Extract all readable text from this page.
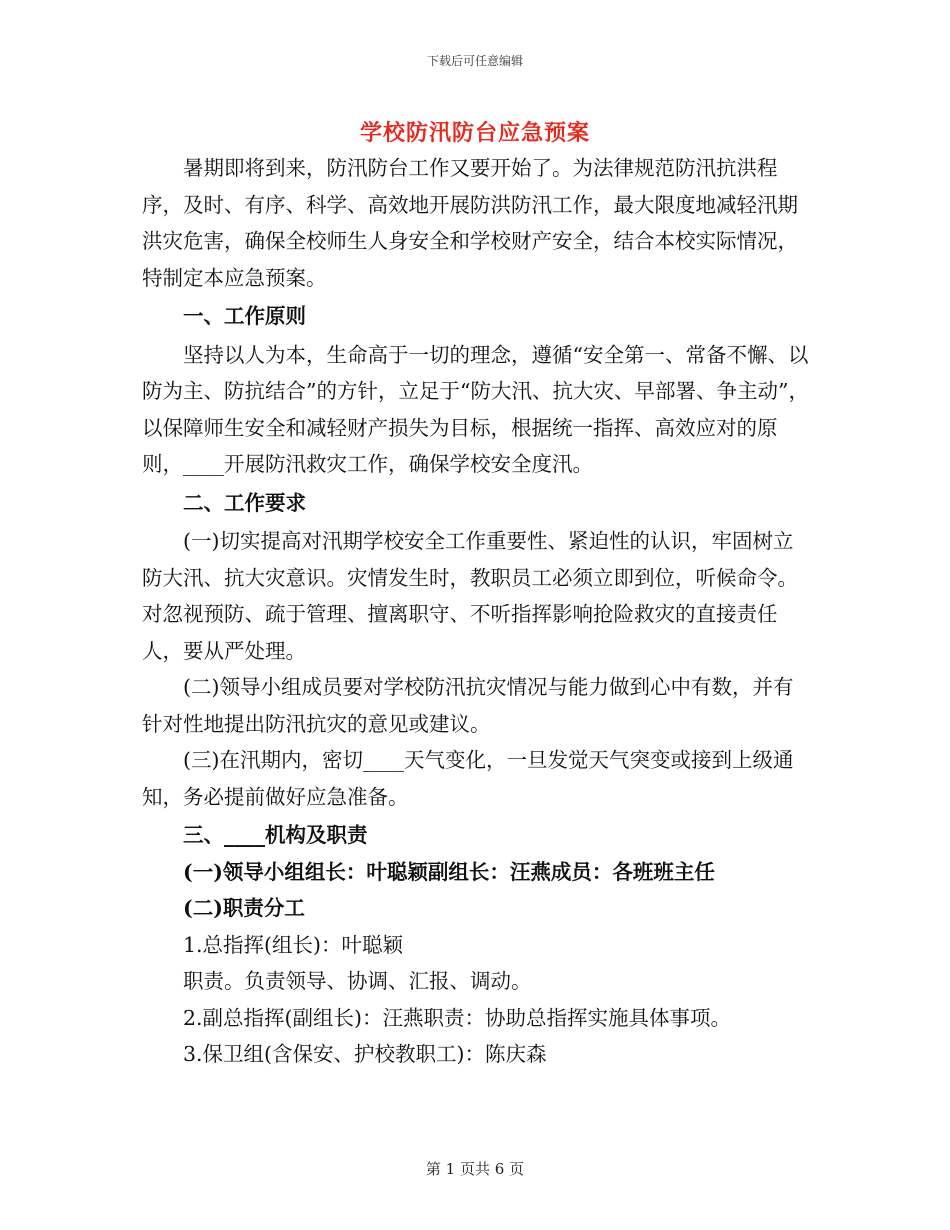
下载后可任意编辑
学校防汛防台应急预案

暑期即将到来，防汛防台工作又要开始了。为法律规范防汛抗洪程序，及时、有序、科学、高效地开展防洪防汛工作，最大限度地减轻汛期洪灾危害，确保全校师生人身安全和学校财产安全，结合本校实际情况，特制定本应急预案。

一、工作原则

坚持以人为本，生命高于一切的理念，遵循“安全第一、常备不懈、以防为主、防抗结合”的方针，立足于“防大汛、抗大灾、早部署、争主动”，以保障师生安全和减轻财产损失为目标，根据统一指挥、高效应对的原则，____开展防汛救灾工作，确保学校安全度汛。

二、工作要求

(一)切实提高对汛期学校安全工作重要性、紧迫性的认识，牢固树立防大汛、抗大灾意识。灾情发生时，教职员工必须立即到位，听候命令。对忽视预防、疏于管理、擅离职守、不听指挥影响抢险救灾的直接责任人，要从严处理。

(二)领导小组成员要对学校防汛抗灾情况与能力做到心中有数，并有针对性地提出防汛抗灾的意见或建议。

(三)在汛期内，密切____天气变化，一旦发觉天气突变或接到上级通知，务必提前做好应急准备。

三、____机构及职责

(一)领导小组组长：叶聪颖副组长：汪燕成员：各班班主任

(二)职责分工

1.总指挥(组长)：叶聪颖

职责。负责领导、协调、汇报、调动。

2.副总指挥(副组长)：汪燕职责：协助总指挥实施具体事项。

3.保卫组(含保安、护校教职工)：陈庆森

第 1 页共 6 页
